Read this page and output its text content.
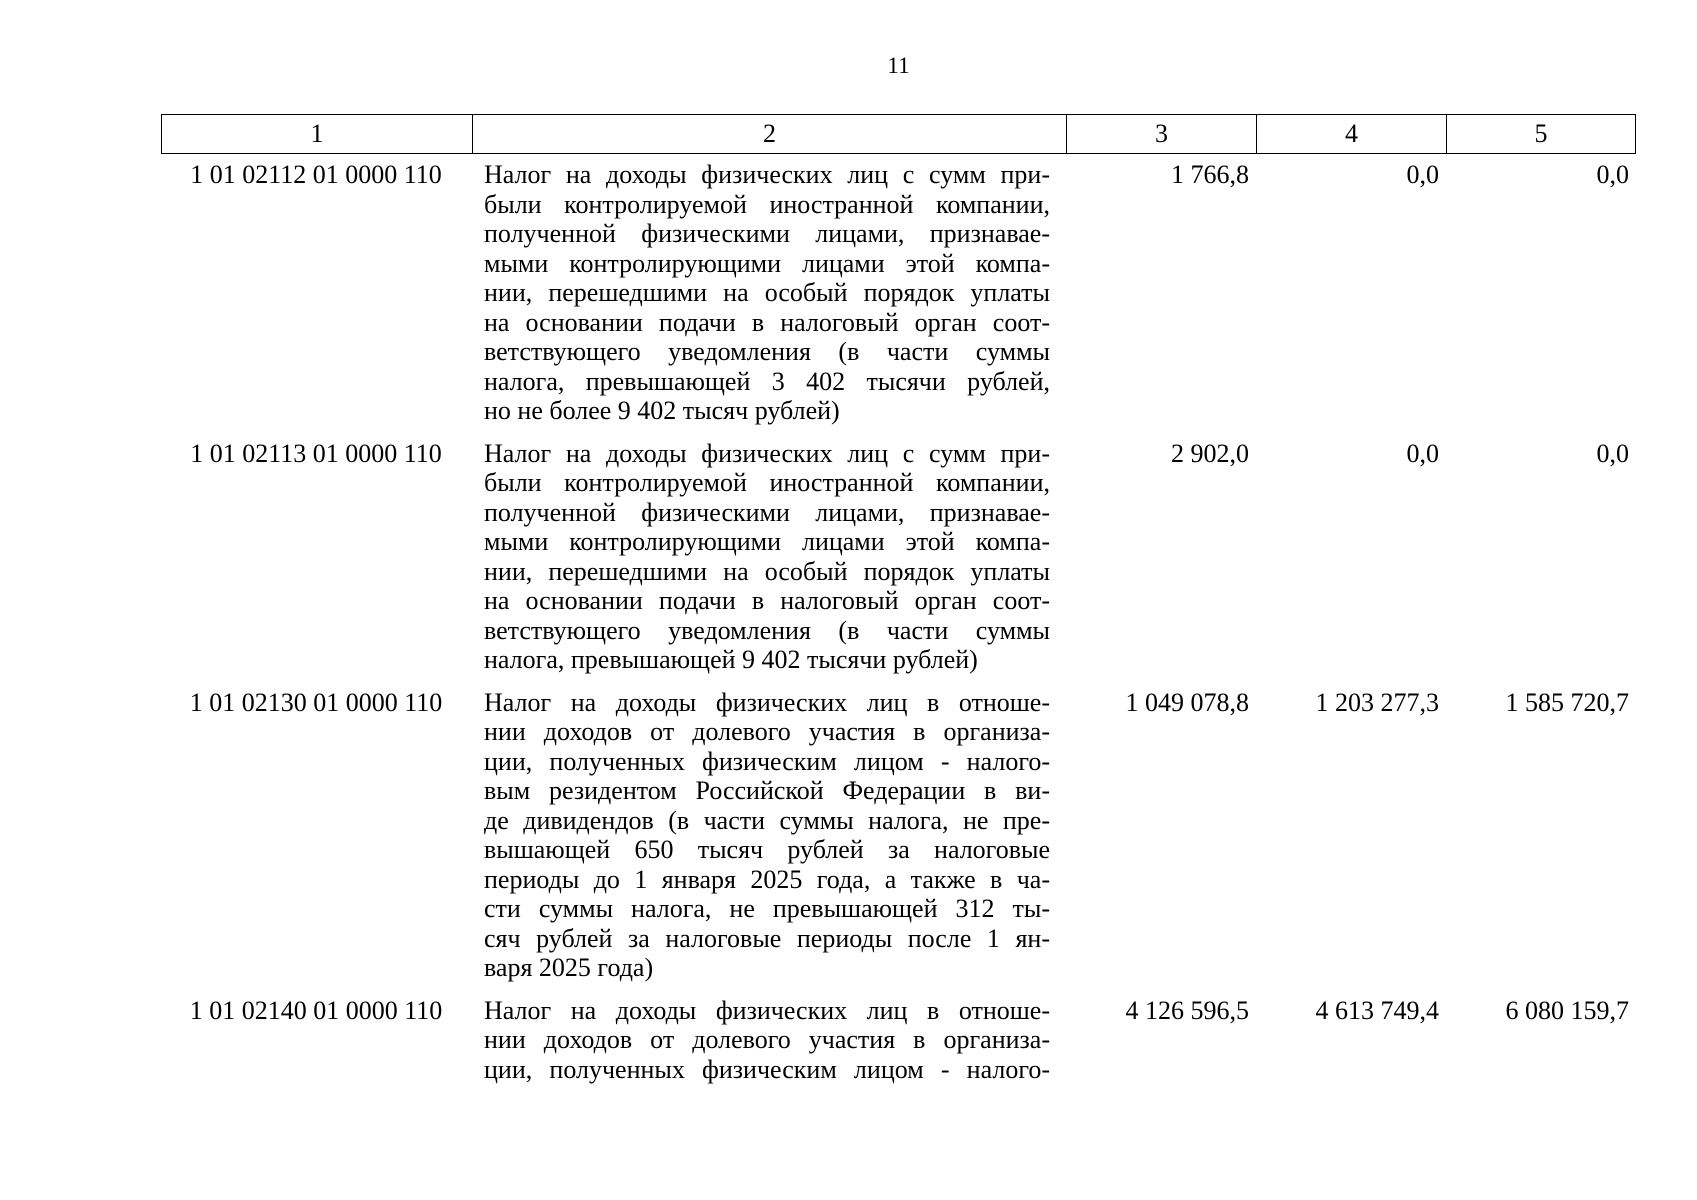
11
1	2	3	4	5
1 01 02112 01 0000 110	Налог на доходы физических лиц с сумм при-
были контролируемой иностранной компании,
полученной физическими лицами, признавае-
мыми контролирующими лицами этой компа-
нии, перешедшими на особый порядок уплаты
на основании подачи в налоговый орган соот-
ветствующего уведомления (в части суммы
налога, превышающей 3 402 тысячи рублей,
но не более 9 402 тысяч рублей)
1 766,8	0,0	0,0
1 01 02113 01 0000 110	Налог на доходы физических лиц с сумм при-
были контролируемой иностранной компании,
полученной физическими лицами, признавае-
мыми контролирующими лицами этой компа-
нии, перешедшими на особый порядок уплаты
на основании подачи в налоговый орган соот-
ветствующего уведомления (в части суммы
налога, превышающей 9 402 тысячи рублей)
2 902,0	0,0	0,0
1 01 02130 01 0000 110	Налог на доходы физических лиц в отноше-
нии доходов от долевого участия в организа-
ции, полученных физическим лицом - налого-
вым резидентом Российской Федерации в ви-
де дивидендов (в части суммы налога, не пре-
вышающей 650 тысяч рублей за налоговые
периоды до 1 января 2025 года, а также в ча-
сти суммы налога, не превышающей 312 ты-
сяч рублей за налоговые периоды после 1 ян-
варя 2025 года)
1 049 078,8	1 203 277,3	1 585 720,7
1 01 02140 01 0000 110	Налог на доходы физических лиц в отноше-
нии доходов от долевого участия в организа-
ции, полученных физическим лицом - налого-
4 126 596,5	4 613 749,4	6 080 159,7
